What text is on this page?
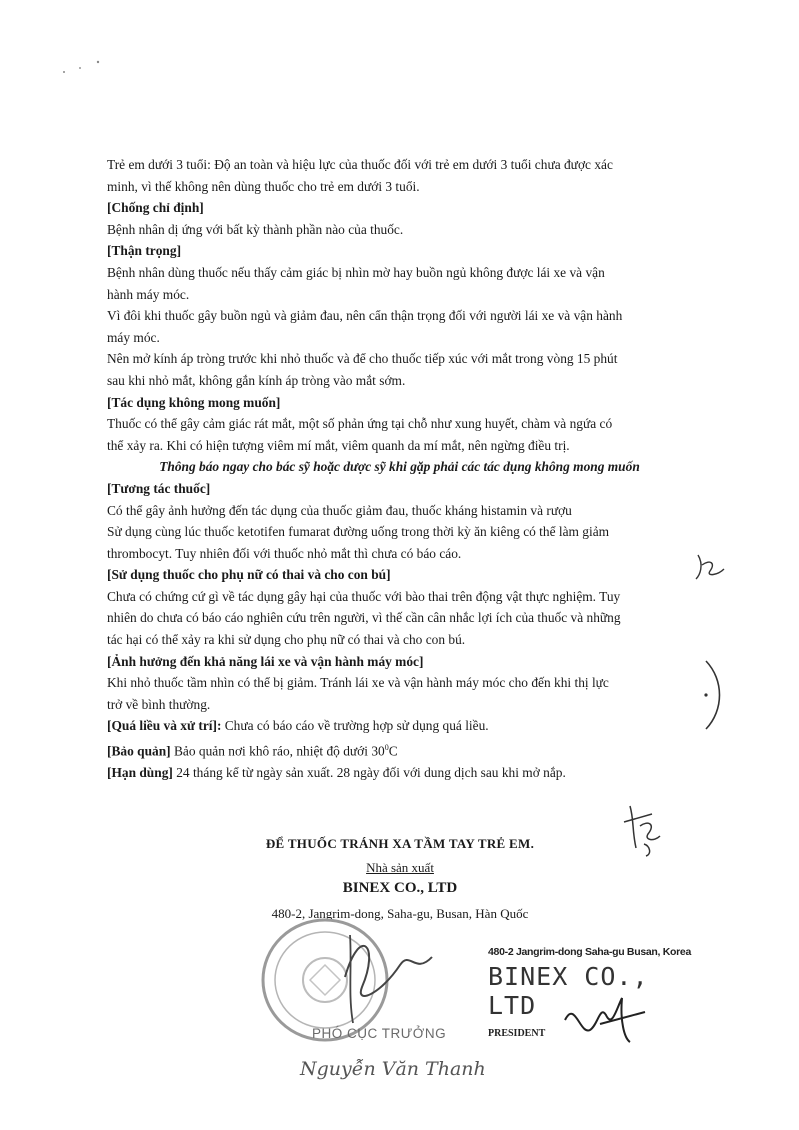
Trẻ em dưới 3 tuổi: Độ an toàn và hiệu lực của thuốc đối với trẻ em dưới 3 tuổi chưa được xác

minh, vì thế không nên dùng thuốc cho trẻ em dưới 3 tuổi.

[Chống chỉ định]

Bệnh nhân dị ứng với bất kỳ thành phần nào của thuốc.

[Thận trọng]

Bệnh nhân dùng thuốc nếu thấy cảm giác bị nhìn mờ hay buồn ngủ không được lái xe và vận

hành máy móc.

Vì đôi khi thuốc gây buồn ngủ và giảm đau, nên cẩn thận trọng đối với người lái xe và vận hành

máy móc.

Nên mở kính áp tròng trước khi nhỏ thuốc và để cho thuốc tiếp xúc với mắt trong vòng 15 phút

sau khi nhỏ mắt, không gắn kính áp tròng vào mắt sớm.

[Tác dụng không mong muốn]

Thuốc có thể gây cảm giác rát mắt, một số phản ứng tại chỗ như xung huyết, chàm và ngứa có

thể xảy ra. Khi có hiện tượng viêm mí mắt, viêm quanh da mí mắt, nên ngừng điều trị.

Thông báo ngay cho bác sỹ hoặc dược sỹ khi gặp phải các tác dụng không mong muốn

[Tương tác thuốc]

Có thể gây ảnh hưởng đến tác dụng của thuốc giảm đau, thuốc kháng histamin và rượu

Sử dụng cùng lúc thuốc ketotifen fumarat đường uống trong thời kỳ ăn kiêng có thể làm giảm

thrombocyt. Tuy nhiên đối với thuốc nhỏ mắt thì chưa có báo cáo.

[Sử dụng thuốc cho phụ nữ có thai và cho con bú]

Chưa có chứng cứ gì về tác dụng gây hại của thuốc với bào thai trên động vật thực nghiệm. Tuy

nhiên do chưa có báo cáo nghiên cứu trên người, vì thế cần cân nhắc lợi ích của thuốc và những

tác hại có thể xảy ra khi sử dụng cho phụ nữ có thai và cho con bú.

[Ảnh hưởng đến khả năng lái xe và vận hành máy móc]

Khi nhỏ thuốc tầm nhìn có thể bị giảm. Tránh lái xe và vận hành máy móc cho đến khi thị lực

trở về bình thường.

[Quá liều và xử trí]: Chưa có báo cáo về trường hợp sử dụng quá liều.

[Bảo quản] Bảo quản nơi khô ráo, nhiệt độ dưới $30^0C$

[Hạn dùng] 24 tháng kể từ ngày sản xuất. 28 ngày đối với dung dịch sau khi mở nắp.

ĐỂ THUỐC TRÁNH XA TẦM TAY TRẺ EM.
Nhà sản xuất
BINEX CO., LTD
480-2, Jangrim-dong, Saha-gu, Busan, Hàn Quốc
480-2 Jangrim-dong Saha-gu Busan, Korea
BINEX CO., LTD
PRESIDENT
PHÓ CỤC TRƯỞNG
Nguyễn Văn Thanh
